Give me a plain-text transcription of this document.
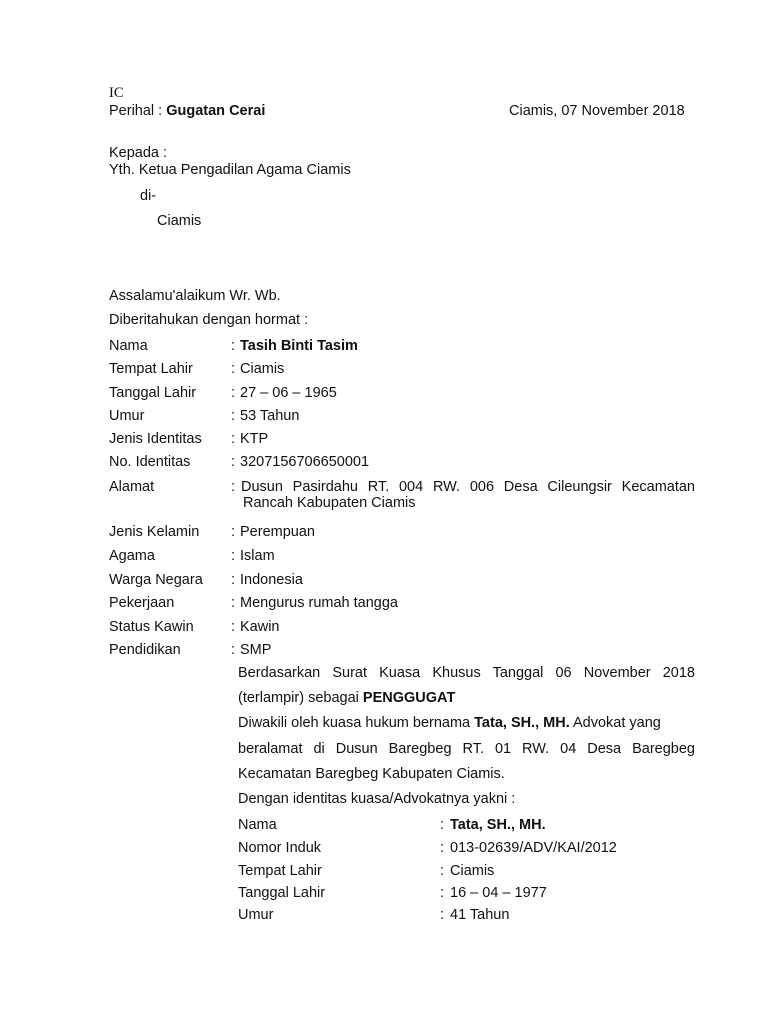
IC
Perihal : Gugatan Cerai	Ciamis, 07 November 2018
Kepada :
Yth. Ketua Pengadilan Agama Ciamis
di-
Ciamis
Assalamu'alaikum Wr. Wb.
Diberitahukan dengan hormat :
Nama	: Tasih Binti Tasim
Tempat Lahir	: Ciamis
Tanggal Lahir : 27 – 06 – 1965
Umur	: 53 Tahun
Jenis Identitas : KTP
No. Identitas	: 3207156706650001
Alamat	: Dusun Pasirdahu RT. 004 RW. 006 Desa Cileungsir Kecamatan
Rancah Kabupaten Ciamis
Jenis Kelamin : Perempuan
Agama	: Islam
Warga Negara : Indonesia
Pekerjaan	: Mengurus rumah tangga
Status Kawin	: Kawin
Pendidikan	: SMP
Berdasarkan Surat Kuasa Khusus Tanggal 06 November 2018
(terlampir) sebagai PENGGUGAT
Diwakili oleh kuasa hukum bernama Tata, SH., MH. Advokat yang
beralamat di Dusun Baregbeg RT. 01 RW. 04 Desa Baregbeg
Kecamatan Baregbeg Kabupaten Ciamis.
Dengan identitas kuasa/Advokatnya yakni :
Nama	: Tata, SH., MH.
Nomor Induk	: 013-02639/ADV/KAI/2012
Tempat Lahir	: Ciamis
Tanggal Lahir	: 16 – 04 – 1977
Umur	: 41 Tahun
